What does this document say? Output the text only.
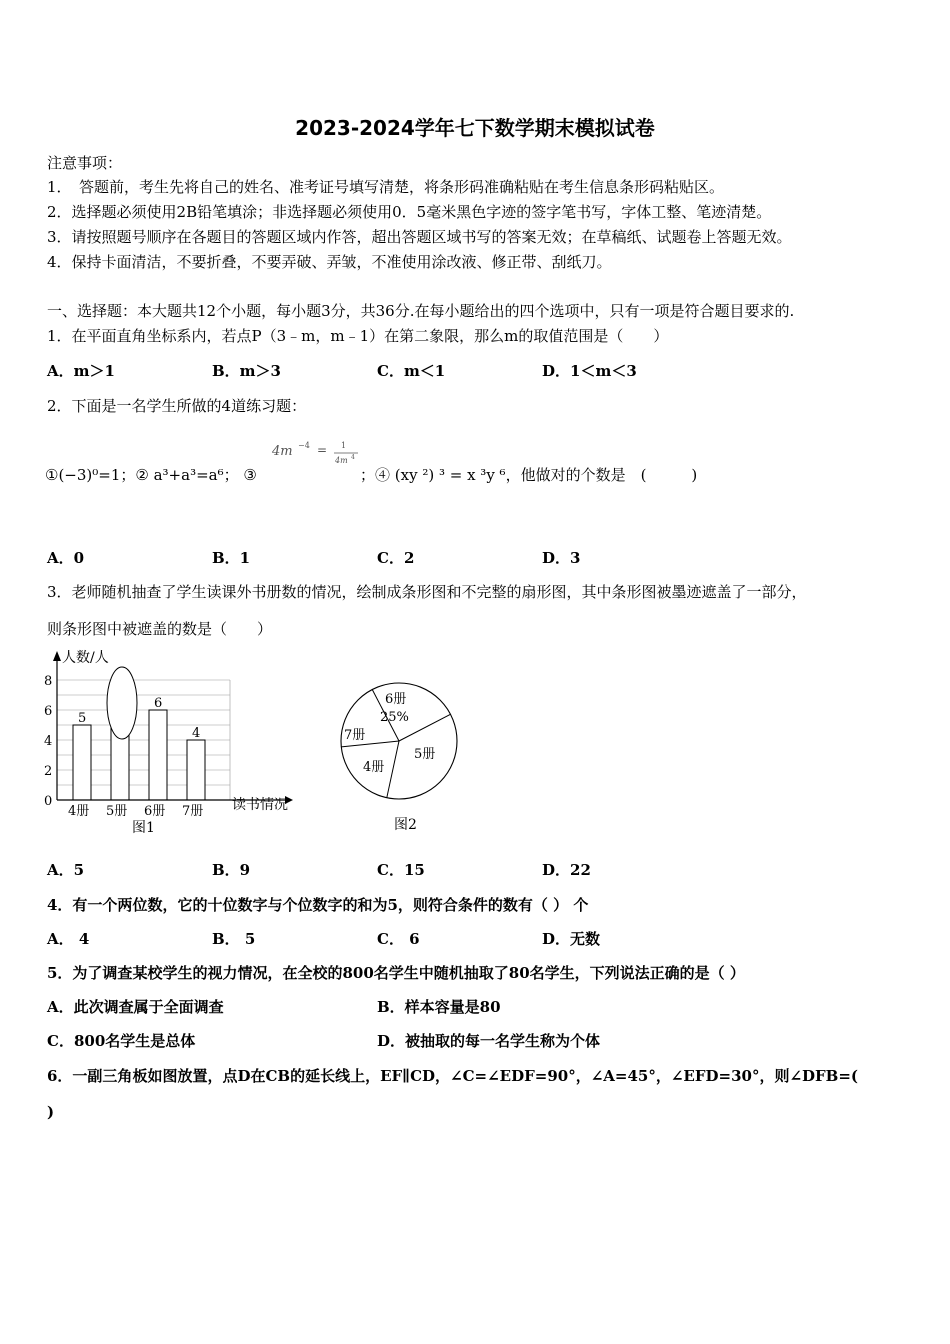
2023-2024学年七下数学期末模拟试卷
注意事项：
1．　答题前，考生先将自己的姓名、准考证号填写清楚，将条形码准确粘贴在考生信息条形码粘贴区。
2．选择题必须使用2B铅笔填涂；非选择题必须使用0．5毫米黑色字迹的签字笔书写，字体工整、笔迹清楚。
3．请按照题号顺序在各题目的答题区域内作答，超出答题区域书写的答案无效；在草稿纸、试题卷上答题无效。
4．保持卡面清洁，不要折叠，不要弄破、弄皱，不准使用涂改液、修正带、刮纸刀。
一、选择题：本大题共12个小题，每小题3分，共36分.在每小题给出的四个选项中，只有一项是符合题目要求的.
1．在平面直角坐标系内，若点P（3﹣m，m﹣1）在第二象限，那么m的取值范围是（　　）
A．m＞1	B．m＞3	C．m＜1	D．1＜m＜3
2．下面是一名学生所做的4道练习题：
4m −4 = 1
4m 4
①(−3)⁰=1；② a³+a³=a⁶； ③	；④ (xy ²) ³ = x ³y ⁶，他做对的个数是　(　　　)
A．0	B．1	C．2	D．3
3．老师随机抽查了学生读课外书册数的情况，绘制成条形图和不完整的扇形图，其中条形图被墨迹遮盖了一部分，
则条形图中被遮盖的数是（　　）
人数/人
读书情况
0
2
4
6
8
4册 5册 6册 7册
5
6
4
图1
6册
25%
5册
4册
7册
图2
A．5	B．9	C．15	D．22
4．有一个两位数，它的十位数字与个位数字的和为5，则符合条件的数有（ ） 个
A． 4	B． 5	C． 6	D．无数
5．为了调查某校学生的视力情况，在全校的800名学生中随机抽取了80名学生，下列说法正确的是（ ）
A．此次调查属于全面调查	B．样本容量是80
C．800名学生是总体	D．被抽取的每一名学生称为个体
6．一副三角板如图放置，点D在CB的延长线上，EF∥CD，∠C=∠EDF=90°，∠A=45°，∠EFD=30°，则∠DFB=(
)
